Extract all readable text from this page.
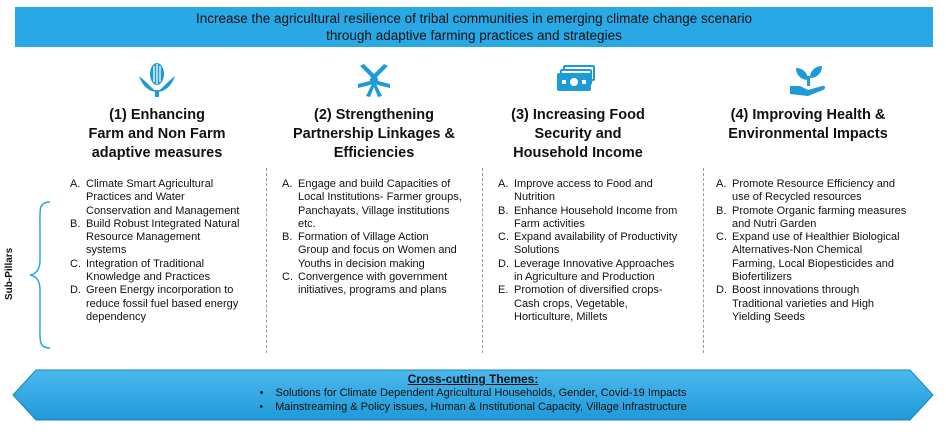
Increase the agricultural resilience of tribal communities in emerging climate change scenario
through adaptive farming practices and strategies
(1) Enhancing
Farm and Non Farm
adaptive measures
(2) Strengthening
Partnership Linkages &
Efficiencies
(3) Increasing Food
Security and
Household Income
(4) Improving Health &
Environmental Impacts
Sub-Pillars
A. Climate Smart Agricultural Practices and Water Conservation and Management
B. Build Robust Integrated Natural Resource Management systems
C. Integration of Traditional Knowledge and Practices
D. Green Energy incorporation to reduce fossil fuel based energy dependency
A. Engage and build Capacities of Local Institutions- Farmer groups, Panchayats, Village institutions etc.
B. Formation of Village Action Group and focus on Women and Youths in decision making
C. Convergence with government initiatives, programs and plans
A. Improve access to Food and Nutrition
B. Enhance Household Income from Farm activities
C. Expand availability of Productivity Solutions
D. Leverage Innovative Approaches in Agriculture and Production
E. Promotion of diversified crops-Cash crops, Vegetable, Horticulture, Millets
A. Promote Resource Efficiency and use of Recycled resources
B. Promote Organic farming measures and Nutri Garden
C. Expand use of Healthier Biological Alternatives-Non Chemical Farming, Local Biopesticides and Biofertilizers
D. Boost innovations through Traditional varieties and High Yielding Seeds
Cross-cutting Themes:
• Solutions for Climate Dependent Agricultural Households, Gender, Covid-19 Impacts
• Mainstreaming & Policy issues, Human & Institutional Capacity, Village Infrastructure
